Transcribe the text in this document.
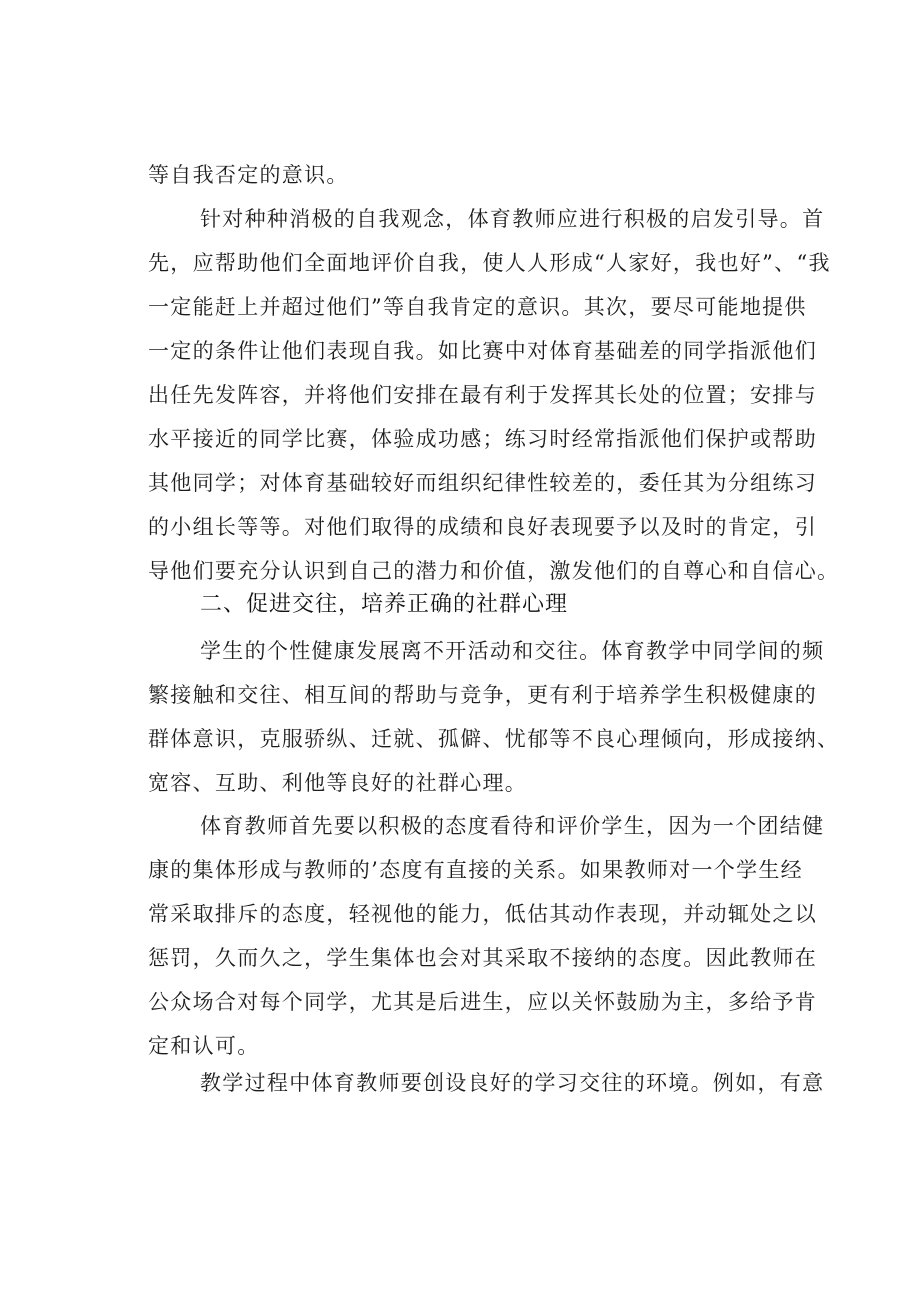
等自我否定的意识。
针对种种消极的自我观念，体育教师应进行积极的启发引导。首
先，应帮助他们全面地评价自我，使人人形成“人家好，我也好”、“我
一定能赶上并超过他们”等自我肯定的意识。其次，要尽可能地提供
一定的条件让他们表现自我。如比赛中对体育基础差的同学指派他们
出任先发阵容，并将他们安排在最有利于发挥其长处的位置；安排与
水平接近的同学比赛，体验成功感；练习时经常指派他们保护或帮助
其他同学；对体育基础较好而组织纪律性较差的，委任其为分组练习
的小组长等等。对他们取得的成绩和良好表现要予以及时的肯定，引
导他们要充分认识到自己的潜力和价值，激发他们的自尊心和自信心。
二、促进交往，培养正确的社群心理
学生的个性健康发展离不开活动和交往。体育教学中同学间的频
繁接触和交往、相互间的帮助与竞争，更有利于培养学生积极健康的
群体意识，克服骄纵、迁就、孤僻、忧郁等不良心理倾向，形成接纳、
宽容、互助、利他等良好的社群心理。
体育教师首先要以积极的态度看待和评价学生，因为一个团结健
康的集体形成与教师的’态度有直接的关系。如果教师对一个学生经
常采取排斥的态度，轻视他的能力，低估其动作表现，并动辄处之以
惩罚，久而久之，学生集体也会对其采取不接纳的态度。因此教师在
公众场合对每个同学，尤其是后进生，应以关怀鼓励为主，多给予肯
定和认可。
教学过程中体育教师要创设良好的学习交往的环境。例如，有意
